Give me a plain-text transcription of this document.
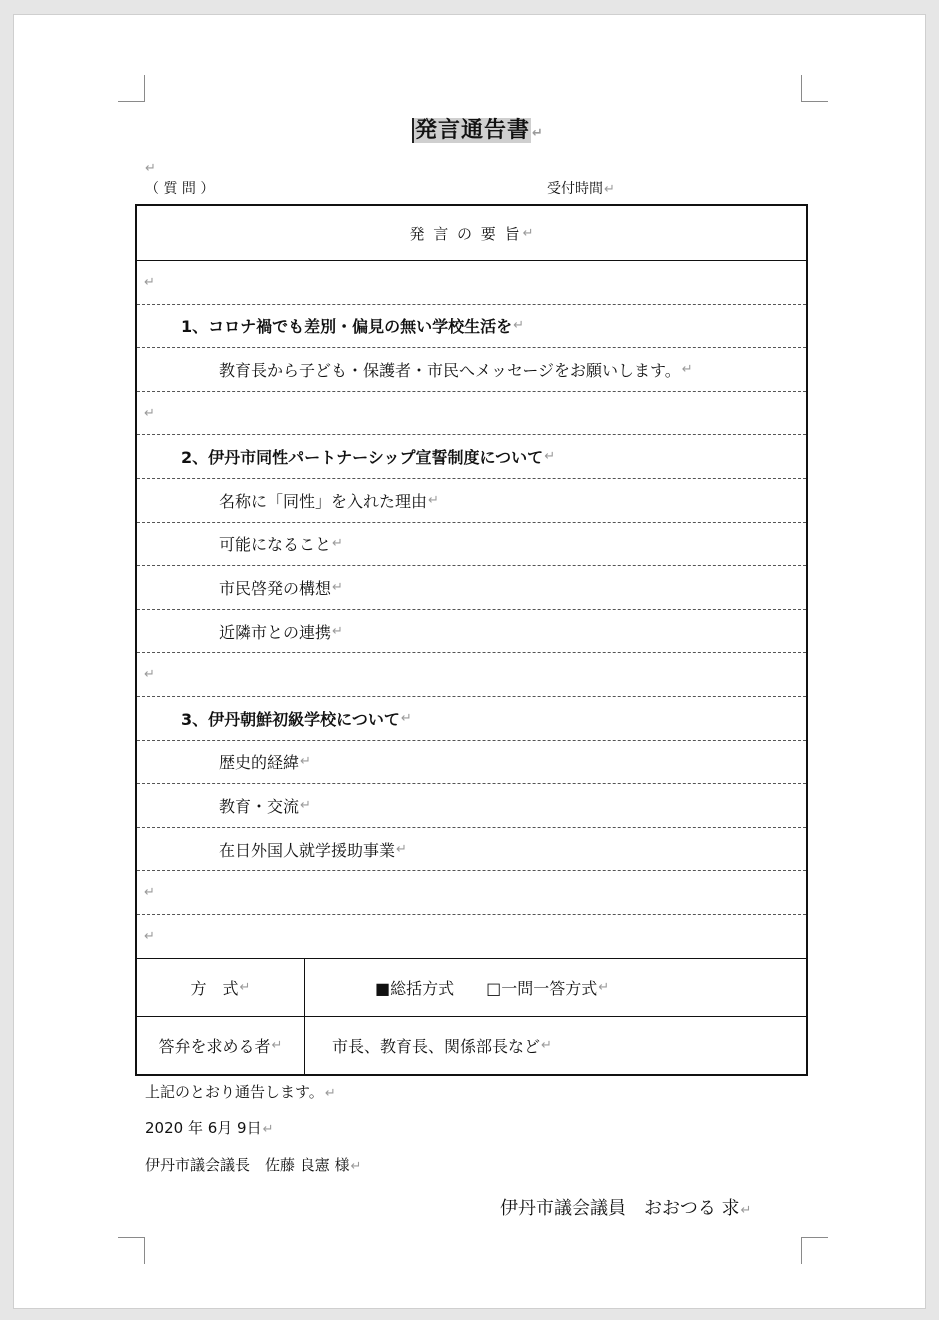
発言通告書 ↵
↵
（ 質 問 ）	受付時間↵
発 言 の 要 旨 ↵
↵
1、コロナ禍でも差別・偏見の無い学校生活を ↵
教育長から子ども・保護者・市民へメッセージをお願いします。 ↵
↵
2、伊丹市同性パートナーシップ宣誓制度について ↵
名称に「同性」を入れた理由 ↵
可能になること ↵
市民啓発の構想 ↵
近隣市との連携 ↵
↵
3、伊丹朝鮮初級学校について ↵
歴史的経緯 ↵
教育・交流 ↵
在日外国人就学援助事業 ↵
↵
↵
方　式 ↵	■総括方式　　□一問一答方式 ↵
答弁を求める者 ↵	市長、教育長、関係部長など ↵
上記のとおり通告します。↵
2020 年 6月 9日↵
伊丹市議会議長　佐藤 良憲 様↵
伊丹市議会議員　おおつる 求↵
